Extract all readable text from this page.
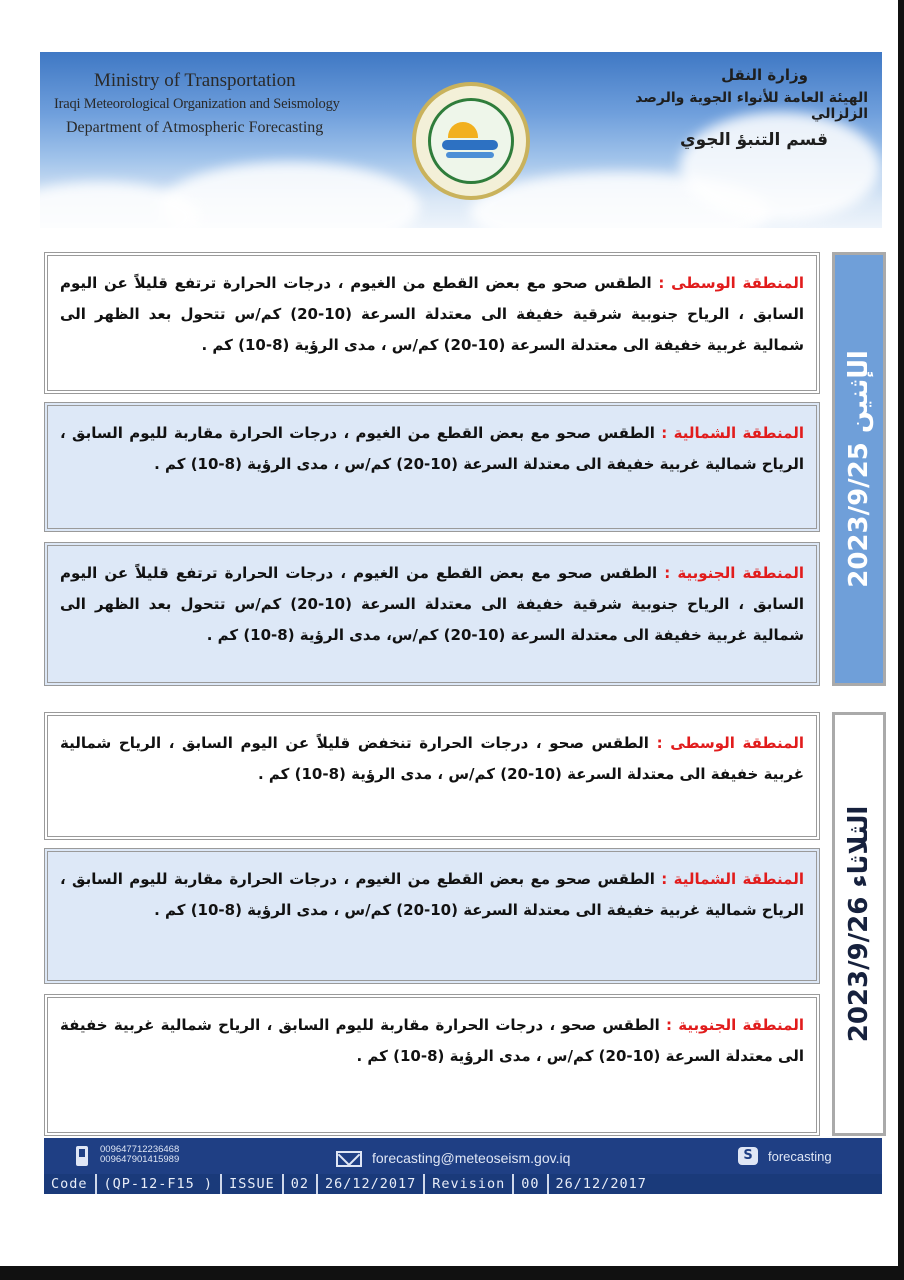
Ministry of Transportation
Iraqi Meteorological Organization and Seismology
Department of Atmospheric Forecasting
وزارة النقل
الهيئة العامة للأنواء الجوية والرصد الزلزالي
قسم التنبؤ الجوي
الإثنين 2023/9/25
المنطقة الوسطى : الطقس صحو مع بعض القطع من الغيوم ، درجات الحرارة ترتفع قليلاً عن اليوم السابق ، الرياح جنوبية شرقية خفيفة الى معتدلة السرعة (10-20) كم/س تتحول بعد الظهر الى شمالية غربية خفيفة الى معتدلة السرعة (10-20) كم/س ، مدى الرؤية (8-10) كم .
المنطقة الشمالية : الطقس صحو مع بعض القطع من الغيوم ، درجات الحرارة مقاربة لليوم السابق ، الرياح شمالية غربية خفيفة الى معتدلة السرعة (10-20) كم/س ، مدى الرؤية (8-10) كم .
المنطقة الجنوبية : الطقس صحو مع بعض القطع من الغيوم ، درجات الحرارة ترتفع قليلاً عن اليوم السابق ، الرياح جنوبية شرقية خفيفة الى معتدلة السرعة (10-20) كم/س تتحول بعد الظهر الى شمالية غربية خفيفة الى معتدلة السرعة (10-20) كم/س، مدى الرؤية (8-10) كم .
الثلاثاء 2023/9/26
المنطقة الوسطى : الطقس صحو ، درجات الحرارة تنخفض قليلاً عن اليوم السابق ، الرياح شمالية غربية خفيفة الى معتدلة السرعة (10-20) كم/س ، مدى الرؤية (8-10) كم .
المنطقة الشمالية : الطقس صحو مع بعض القطع من الغيوم ، درجات الحرارة مقاربة لليوم السابق ، الرياح شمالية غربية خفيفة الى معتدلة السرعة (10-20) كم/س ، مدى الرؤية (8-10) كم .
المنطقة الجنوبية : الطقس صحو ، درجات الحرارة مقاربة لليوم السابق ، الرياح شمالية غربية خفيفة الى معتدلة السرعة (10-20) كم/س ، مدى الرؤية (8-10) كم .
009647712236468
009647901415989	forecasting@meteoseism.gov.iq	S	forecasting
Code	(QP-12-F15 )	ISSUE	02	26/12/2017	Revision	00	26/12/2017
